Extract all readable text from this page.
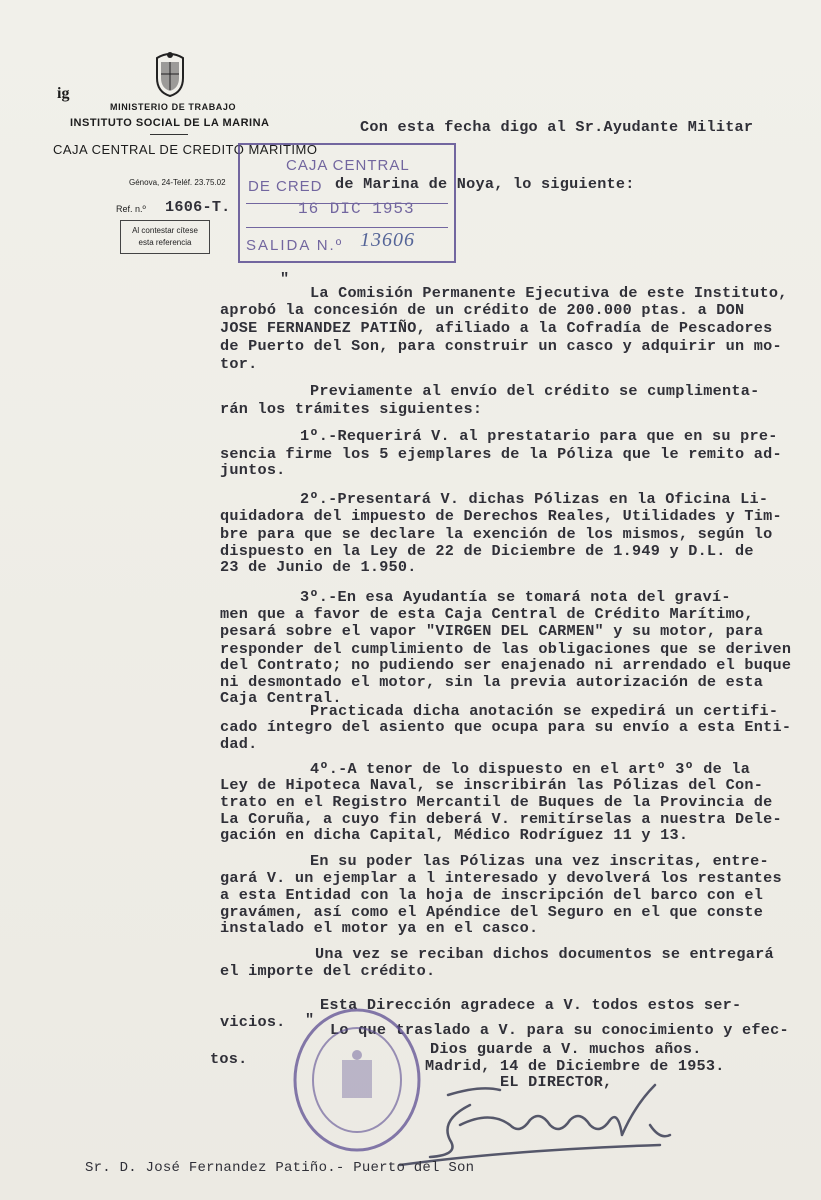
ig
MINISTERIO DE TRABAJO
INSTITUTO SOCIAL DE LA MARINA
CAJA CENTRAL DE CREDITO MARITIMO
Génova, 24-Teléf. 23.75.02
Ref. n.º 1606-T.
Al contestar cítese
esta referencia
CAJA CENTRAL
DE CRED
16 DIC 1953
SALIDA N.º 13606
Con esta fecha digo al Sr.Ayudante Militar
de Marina de Noya, lo siguiente:
"
La Comisión Permanente Ejecutiva de este Instituto,
aprobó la concesión de un crédito de 200.000 ptas. a DON
JOSE FERNANDEZ PATIÑO, afiliado a la Cofradía de Pescadores
de Puerto del Son, para construir un casco y adquirir un mo-
tor.
Previamente al envío del crédito se cumplimenta-
rán los trámites siguientes:
1º.-Requerirá V. al prestatario para que en su pre-
sencia firme los 5 ejemplares de la Póliza que le remito ad-
juntos.
2º.-Presentará V. dichas Pólizas en la Oficina Li-
quidadora del impuesto de Derechos Reales, Utilidades y Tim-
bre para que se declare la exención de los mismos, según lo
dispuesto en la Ley de 22 de Diciembre de 1.949 y D.L. de
23 de Junio de 1.950.
3º.-En esa Ayudantía se tomará nota del graví-
men que a favor de esta Caja Central de Crédito Marítimo,
pesará sobre el vapor "VIRGEN DEL CARMEN" y su motor, para
responder del cumplimiento de las obligaciones que se deriven
del Contrato; no pudiendo ser enajenado ni arrendado el buque
ni desmontado el motor, sin la previa autorización de esta
Caja Central.
Practicada dicha anotación se expedirá un certifi-
cado íntegro del asiento que ocupa para su envío a esta Enti-
dad.
4º.-A tenor de lo dispuesto en el artº 3º de la
Ley de Hipoteca Naval, se inscribirán las Pólizas del Con-
trato en el Registro Mercantil de Buques de la Provincia de
La Coruña, a cuyo fin deberá V. remitírselas a nuestra Dele-
gación en dicha Capital, Médico Rodríguez 11 y 13.
En su poder las Pólizas una vez inscritas, entre-
gará V. un ejemplar a l interesado y devolverá los restantes
a esta Entidad con la hoja de inscripción del barco con el
gravámen, así como el Apéndice del Seguro en el que conste
instalado el motor ya en el casco.
Una vez se reciban dichos documentos se entregará
el importe del crédito.
Esta Dirección agradece a V. todos estos ser-
vicios. "
Lo que traslado a V. para su conocimiento y efec-
tos.
Dios guarde a V. muchos años.
Madrid, 14 de Diciembre de 1953.
EL DIRECTOR,
Sr. D. José Fernandez Patiño.- Puerto del Son
